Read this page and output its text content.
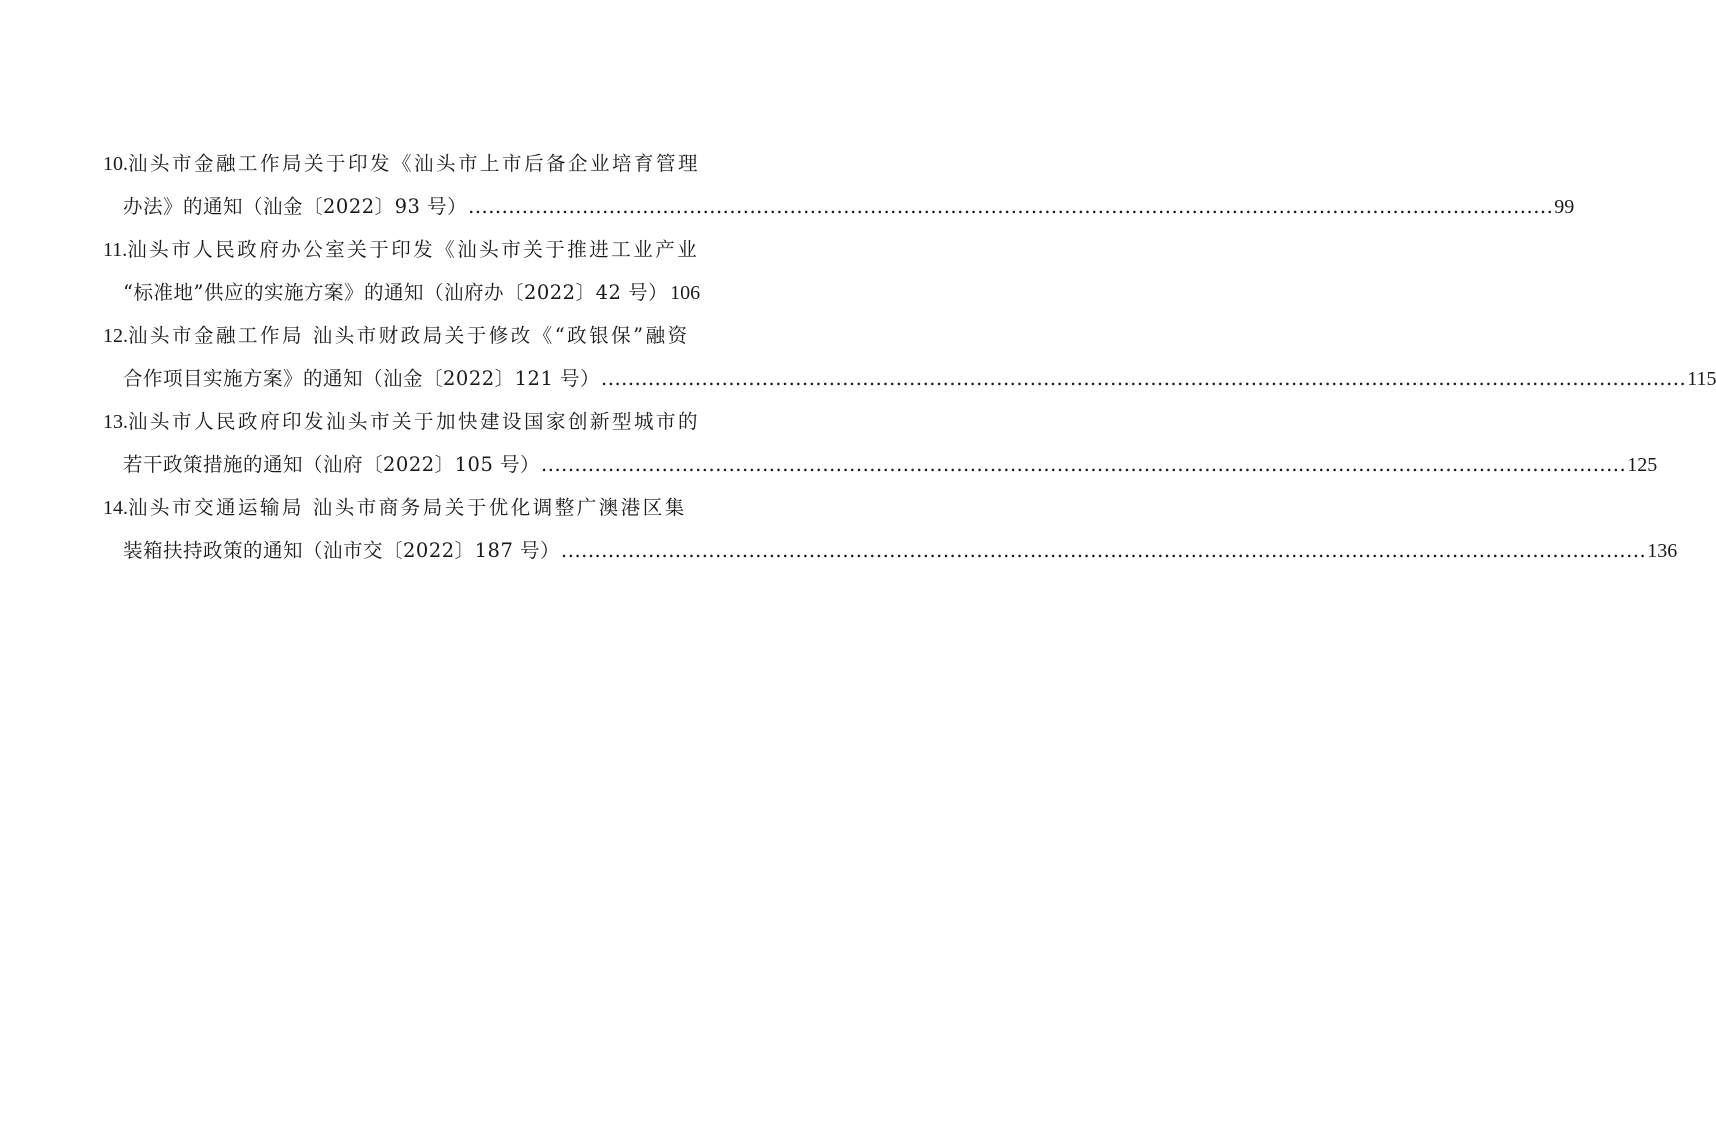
10.汕头市金融工作局关于印发《汕头市上市后备企业培育管理
办法》的通知（汕金〔2022〕93 号） .....	99
11.汕头市人民政府办公室关于印发《汕头市关于推进工业产业
“标准地”供应的实施方案》的通知（汕府办〔2022〕42 号） 106
12.汕头市金融工作局 汕头市财政局关于修改《“政银保”融资
合作项目实施方案》的通知（汕金〔2022〕121 号） .....	115
13.汕头市人民政府印发汕头市关于加快建设国家创新型城市的
若干政策措施的通知（汕府〔2022〕105 号） .....	125
14.汕头市交通运输局 汕头市商务局关于优化调整广澳港区集
装箱扶持政策的通知（汕市交〔2022〕187 号） .....	136
